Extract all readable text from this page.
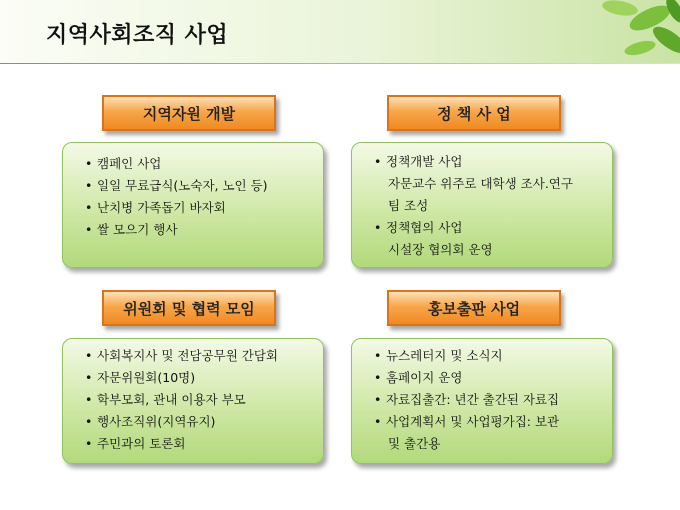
지역사회조직 사업
지역자원 개발
• 캠페인 사업
• 일일 무료급식(노숙자, 노인 등)
• 난치병 가족돕기 바자회
• 쌀 모으기 행사
정 책 사 업
• 정책개발 사업
자문교수 위주로 대학생 조사.연구
팀 조성
• 정책협의 사업
시설장 협의회 운영
위원회 및 협력 모임
• 사회복지사 및 전담공무원 간담회
• 자문위원회(10명)
• 학부모회, 관내 이용자 부모
• 행사조직위(지역유지)
• 주민과의 토론회
홍보출판 사업
• 뉴스레터지 및 소식지
• 홈페이지 운영
• 자료집출간: 년간 출간된 자료집
• 사업계획서 및 사업평가집: 보관
및 출간용
